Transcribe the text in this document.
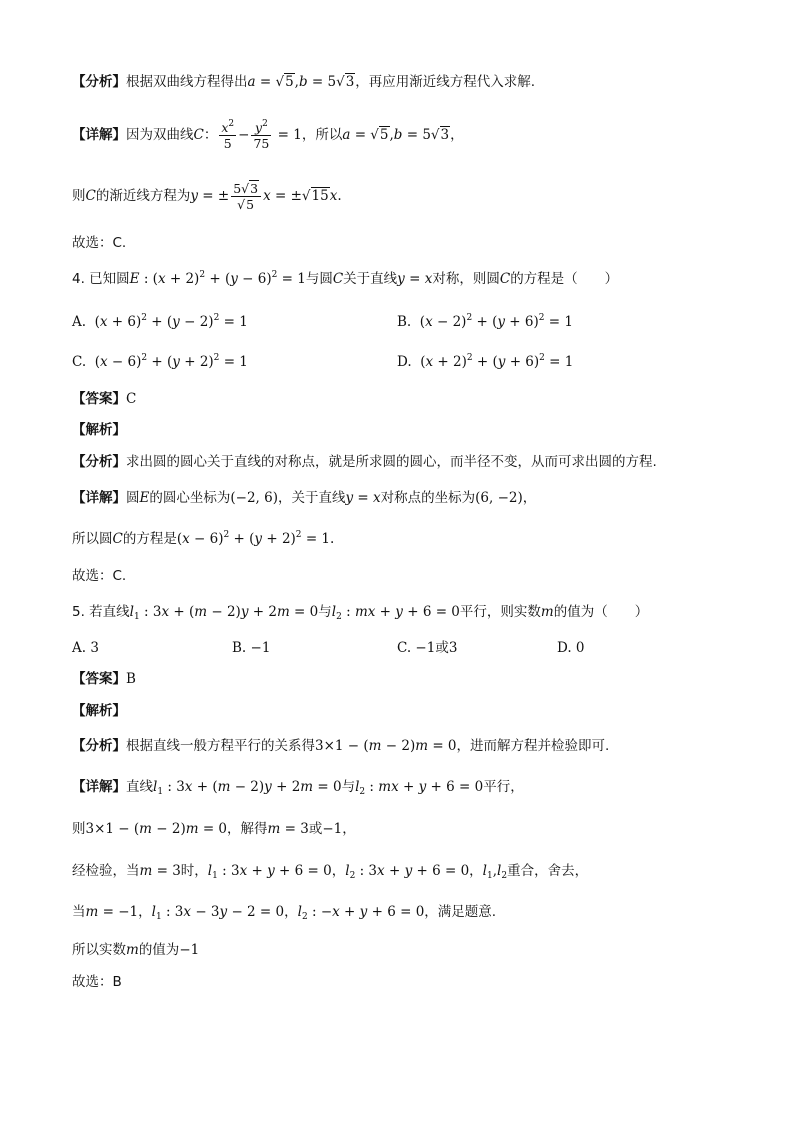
【分析】根据双曲线方程得出a = √5,b = 5√3，再应用渐近线方程代入求解.
【详解】因为双曲线C： $\frac{x^2}{5} - \frac{y^2}{75} = 1$，所以a = √5,b = 5√3，
则C的渐近线方程为y = ± $\frac{5√3}{√5}$ x = ±√15x.
故选：C.
4. 已知圆E : $(x + 2)^2 + (y - 6)^2 = 1$与圆C关于直线y = x对称，则圆C的方程是（　　）
A.  $(x + 6)^2 + (y - 2)^2 = 1$	B.  $(x - 2)^2 + (y + 6)^2 = 1$
C.  $(x - 6)^2 + (y + 2)^2 = 1$	D.  $(x + 2)^2 + (y + 6)^2 = 1$
【答案】C
【解析】
【分析】求出圆的圆心关于直线的对称点，就是所求圆的圆心，而半径不变，从而可求出圆的方程.
【详解】圆E的圆心坐标为(−2, 6)，关于直线y = x对称点的坐标为(6, −2)，
所以圆C的方程是$(x - 6)^2 + (y + 2)^2 = 1$.
故选：C.
5. 若直线$l_1$ : 3x + (m − 2)y + 2m = 0与$l_2$ : mx + y + 6 = 0平行，则实数m的值为（　　）
A. 3	B. −1	C. −1或3	D. 0
【答案】B
【解析】
【分析】根据直线一般方程平行的关系得3×1 − (m − 2)m = 0，进而解方程并检验即可.
【详解】直线$l_1$ : 3x + (m − 2)y + 2m = 0与$l_2$ : mx + y + 6 = 0平行，
则3×1 − (m − 2)m = 0，解得m = 3或−1，
经检验，当m = 3时，$l_1$ : 3x + y + 6 = 0，$l_2$ : 3x + y + 6 = 0，$l_1,l_2$重合，舍去，
当m = −1，$l_1$ : 3x − 3y − 2 = 0，$l_2$ : −x + y + 6 = 0，满足题意.
所以实数m的值为−1
故选：B
